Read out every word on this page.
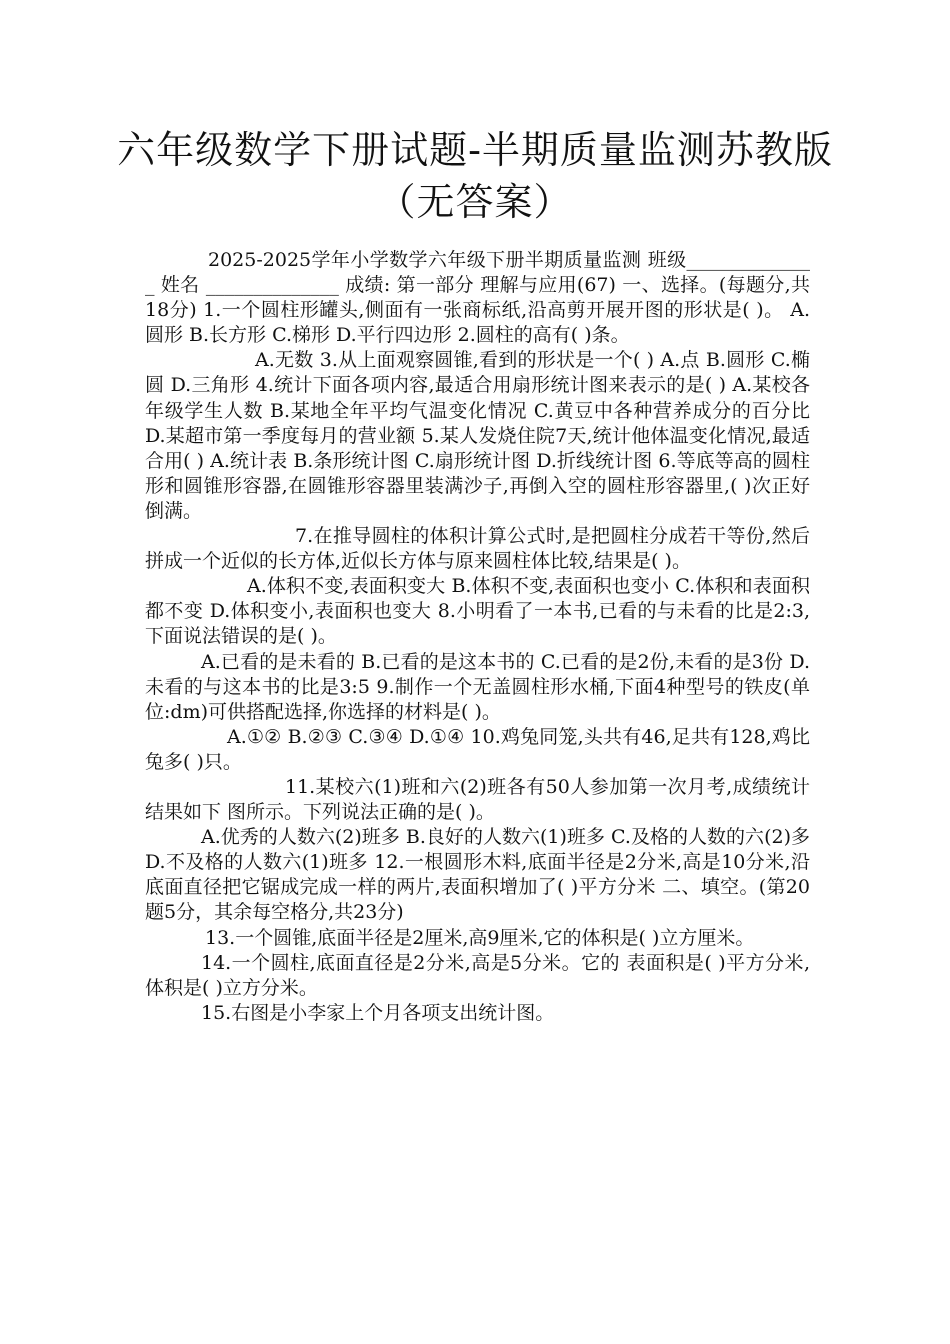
六年级数学下册试题-半期质量监测苏教版
（无答案）

2025-2025学年小学数学六年级下册半期质量监测 班级______________ 姓名 ______________ 成绩: 第一部分 理解与应用(67) 一、选择。(每题分,共18分) 1.一个圆柱形罐头,侧面有一张商标纸,沿高剪开展开图的形状是( )。 A.圆形 B.长方形 C.梯形 D.平行四边形 2.圆柱的高有( )条。

A.无数 3.从上面观察圆锥,看到的形状是一个( ) A.点 B.圆形 C.椭圆 D.三角形 4.统计下面各项内容,最适合用扇形统计图来表示的是( ) A.某校各年级学生人数 B.某地全年平均气温变化情况 C.黄豆中各种营养成分的百分比 D.某超市第一季度每月的营业额 5.某人发烧住院7天,统计他体温变化情况,最适合用( ) A.统计表 B.条形统计图 C.扇形统计图 D.折线统计图 6.等底等高的圆柱形和圆锥形容器,在圆锥形容器里装满沙子,再倒入空的圆柱形容器里,( )次正好倒满。

7.在推导圆柱的体积计算公式时,是把圆柱分成若干等份,然后拼成一个近似的长方体,近似长方体与原来圆柱体比较,结果是( )。

A.体积不变,表面积变大 B.体积不变,表面积也变小 C.体积和表面积都不变 D.体积变小,表面积也变大 8.小明看了一本书,已看的与未看的比是2:3,下面说法错误的是( )。

A.已看的是未看的 B.已看的是这本书的 C.已看的是2份,未看的是3份 D.未看的与这本书的比是3:5 9.制作一个无盖圆柱形水桶,下面4种型号的铁皮(单位:dm)可供搭配选择,你选择的材料是( )。

A.①② B.②③ C.③④ D.①④ 10.鸡兔同笼,头共有46,足共有128,鸡比兔多( )只。

11.某校六(1)班和六(2)班各有50人参加第一次月考,成绩统计结果如下 图所示。下列说法正确的是( )。

A.优秀的人数六(2)班多 B.良好的人数六(1)班多 C.及格的人数的六(2)多 D.不及格的人数六(1)班多 12.一根圆形木料,底面半径是2分米,高是10分米,沿底面直径把它锯成完成一样的两片,表面积增加了( )平方分米 二、填空。(第20题5分，其余每空格分,共23分)

13.一个圆锥,底面半径是2厘米,高9厘米,它的体积是( )立方厘米。

14.一个圆柱,底面直径是2分米,高是5分米。它的 表面积是( )平方分米,体积是( )立方分米。

15.右图是小李家上个月各项支出统计图。
